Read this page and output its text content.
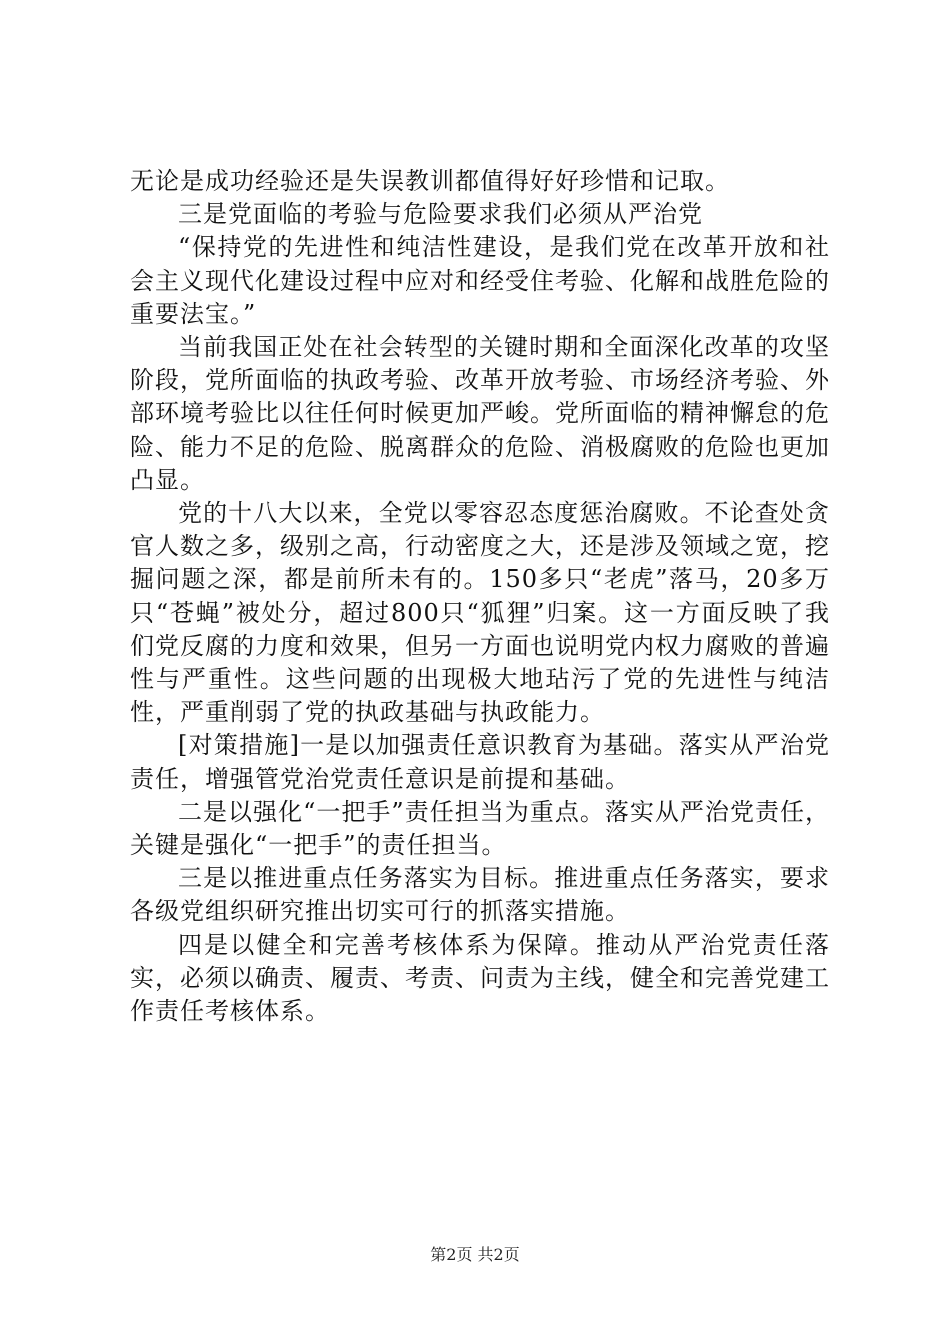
无论是成功经验还是失误教训都值得好好珍惜和记取。

三是党面临的考验与危险要求我们必须从严治党

“保持党的先进性和纯洁性建设，是我们党在改革开放和社会主义现代化建设过程中应对和经受住考验、化解和战胜危险的重要法宝。”

当前我国正处在社会转型的关键时期和全面深化改革的攻坚阶段，党所面临的执政考验、改革开放考验、市场经济考验、外部环境考验比以往任何时候更加严峻。党所面临的精神懈怠的危险、能力不足的危险、脱离群众的危险、消极腐败的危险也更加凸显。

党的十八大以来，全党以零容忍态度惩治腐败。不论查处贪官人数之多，级别之高，行动密度之大，还是涉及领域之宽，挖掘问题之深，都是前所未有的。150多只“老虎”落马，20多万只“苍蝇”被处分，超过800只“狐狸”归案。这一方面反映了我们党反腐的力度和效果，但另一方面也说明党内权力腐败的普遍性与严重性。这些问题的出现极大地玷污了党的先进性与纯洁性，严重削弱了党的执政基础与执政能力。

[对策措施]一是以加强责任意识教育为基础。落实从严治党责任，增强管党治党责任意识是前提和基础。

二是以强化“一把手”责任担当为重点。落实从严治党责任，关键是强化“一把手”的责任担当。

三是以推进重点任务落实为目标。推进重点任务落实，要求各级党组织研究推出切实可行的抓落实措施。

四是以健全和完善考核体系为保障。推动从严治党责任落实，必须以确责、履责、考责、问责为主线，健全和完善党建工作责任考核体系。

第2页 共2页
